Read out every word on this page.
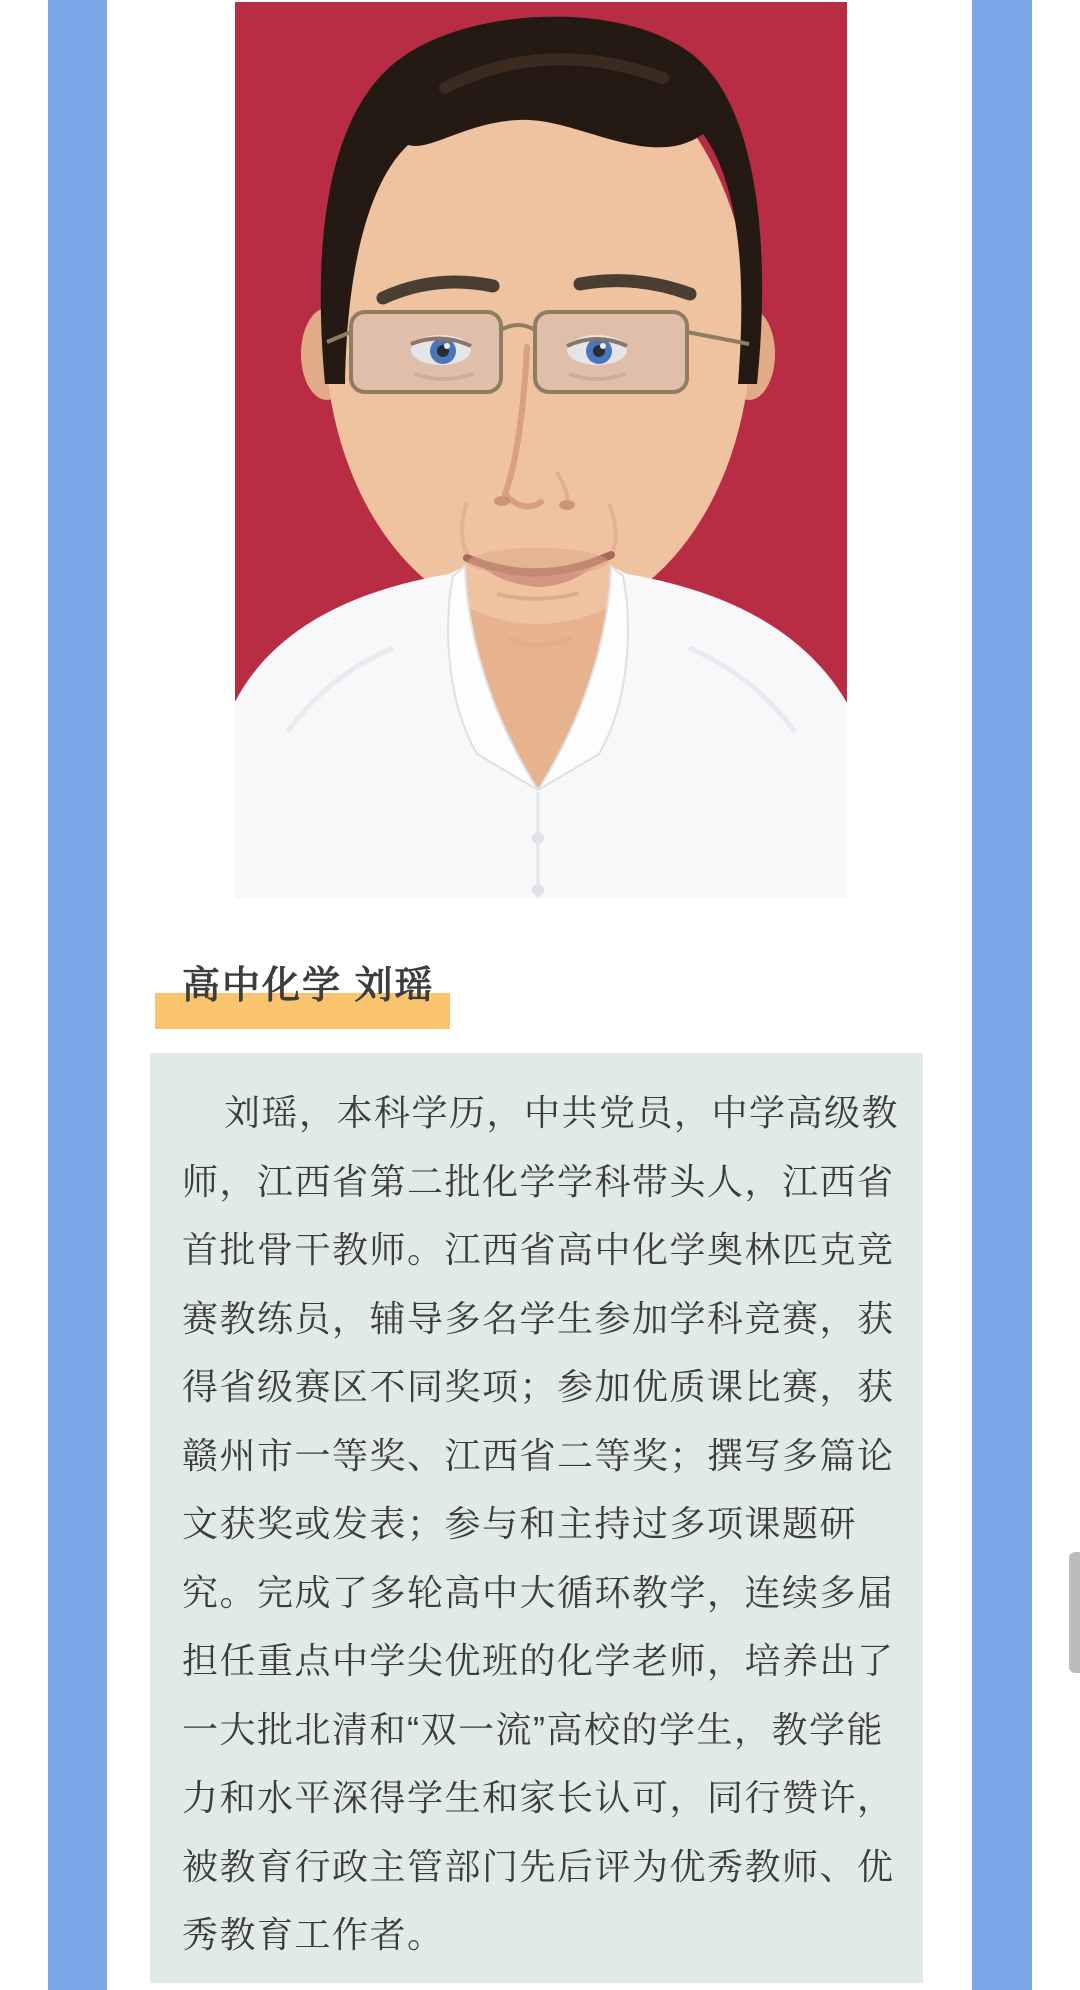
高中化学 刘瑶
刘瑶，本科学历，中共党员，中学高级教
师，江西省第二批化学学科带头人，江西省
首批骨干教师。江西省高中化学奥林匹克竞
赛教练员，辅导多名学生参加学科竞赛，获
得省级赛区不同奖项；参加优质课比赛，获
赣州市一等奖、江西省二等奖；撰写多篇论
文获奖或发表；参与和主持过多项课题研
究。完成了多轮高中大循环教学，连续多届
担任重点中学尖优班的化学老师，培养出了
一大批北清和“双一流”高校的学生，教学能
力和水平深得学生和家长认可，同行赞许，
被教育行政主管部门先后评为优秀教师、优
秀教育工作者。
